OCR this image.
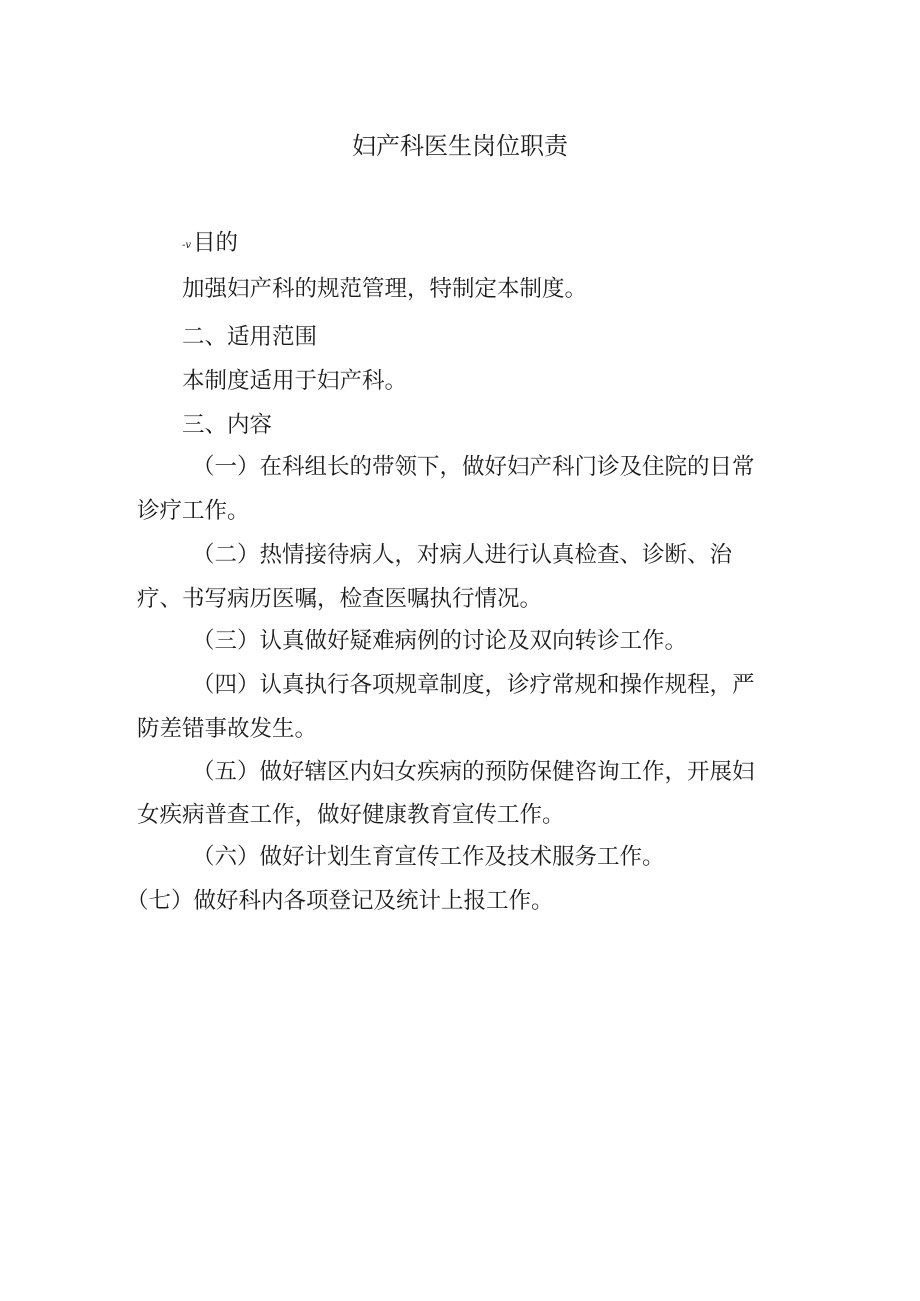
妇产科医生岗位职责
-v目的
加强妇产科的规范管理，特制定本制度。
二、适用范围
本制度适用于妇产科。
三、内容
（一）在科组长的带领下，做好妇产科门诊及住院的日常
诊疗工作。
（二）热情接待病人，对病人进行认真检查、诊断、治
疗、书写病历医嘱，检查医嘱执行情况。
（三）认真做好疑难病例的讨论及双向转诊工作。
（四）认真执行各项规章制度，诊疗常规和操作规程，严
防差错事故发生。
（五）做好辖区内妇女疾病的预防保健咨询工作，开展妇
女疾病普查工作，做好健康教育宣传工作。
（六）做好计划生育宣传工作及技术服务工作。
（七）做好科内各项登记及统计上报工作。
